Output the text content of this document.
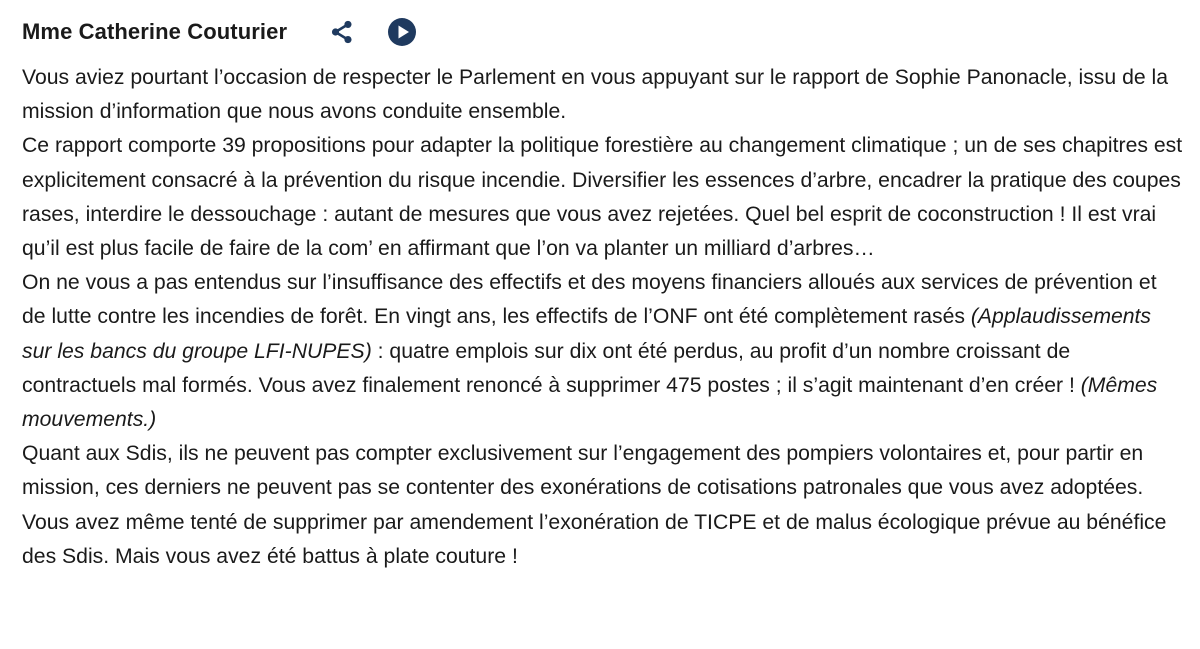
Mme Catherine Couturier

Vous aviez pourtant l’occasion de respecter le Parlement en vous appuyant sur le rapport de Sophie Panonacle, issu de la mission d’information que nous avons conduite ensemble.

Ce rapport comporte 39 propositions pour adapter la politique forestière au changement climatique ; un de ses chapitres est explicitement consacré à la prévention du risque incendie. Diversifier les essences d’arbre, encadrer la pratique des coupes rases, interdire le dessouchage : autant de mesures que vous avez rejetées. Quel bel esprit de coconstruction ! Il est vrai qu’il est plus facile de faire de la com’ en affirmant que l’on va planter un milliard d’arbres…

On ne vous a pas entendus sur l’insuffisance des effectifs et des moyens financiers alloués aux services de prévention et de lutte contre les incendies de forêt. En vingt ans, les effectifs de l’ONF ont été complètement rasés (Applaudissements sur les bancs du groupe LFI-NUPES) : quatre emplois sur dix ont été perdus, au profit d’un nombre croissant de contractuels mal formés. Vous avez finalement renoncé à supprimer 475 postes ; il s’agit maintenant d’en créer ! (Mêmes mouvements.)

Quant aux Sdis, ils ne peuvent pas compter exclusivement sur l’engagement des pompiers volontaires et, pour partir en mission, ces derniers ne peuvent pas se contenter des exonérations de cotisations patronales que vous avez adoptées.

Vous avez même tenté de supprimer par amendement l’exonération de TICPE et de malus écologique prévue au bénéfice des Sdis. Mais vous avez été battus à plate couture !
